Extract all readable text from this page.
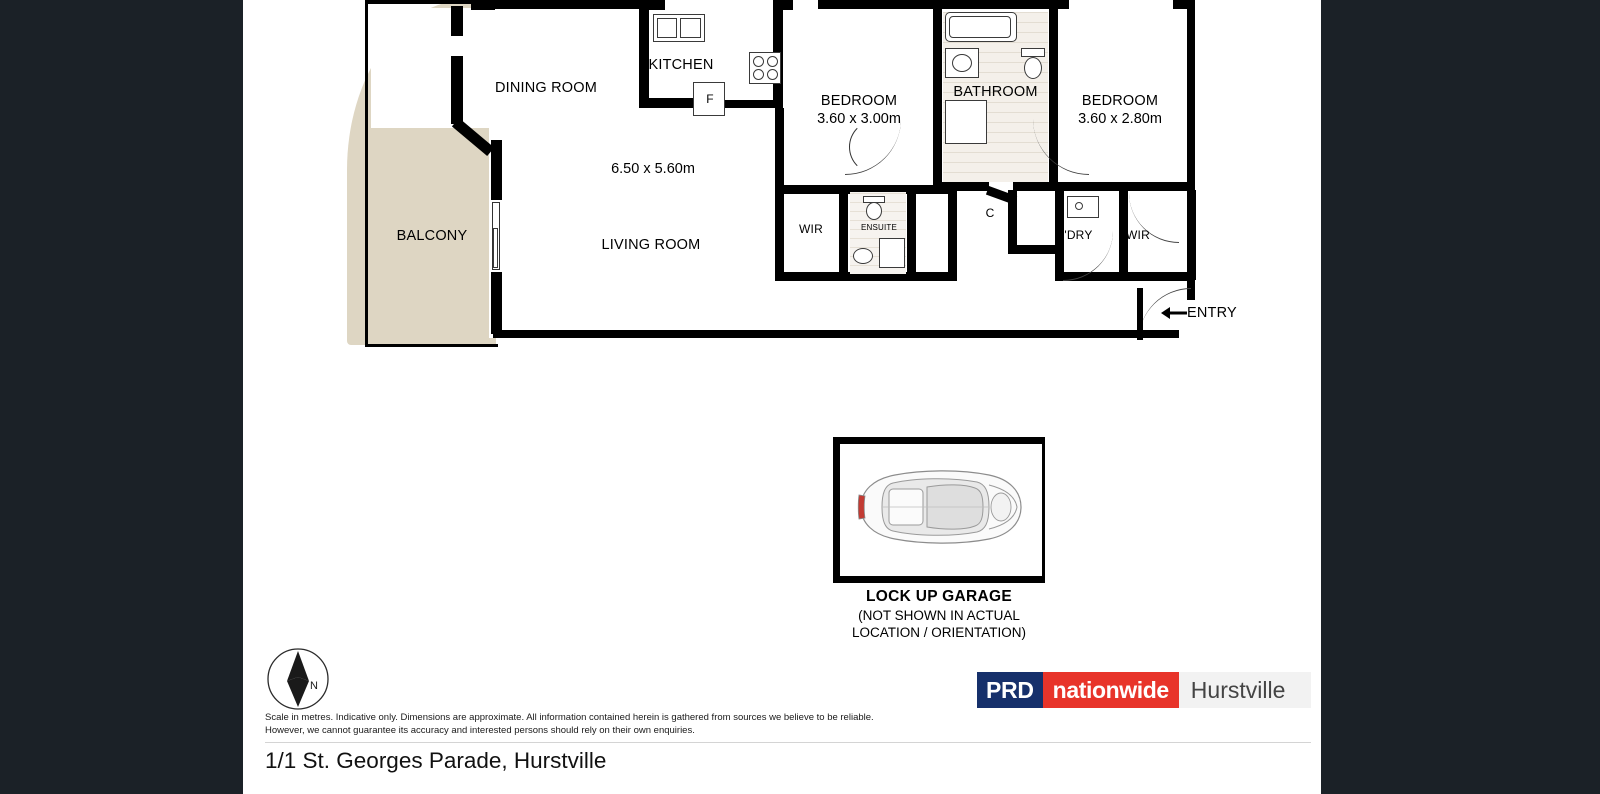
F
ENTRY
DINING ROOM
KITCHEN
BEDROOM
3.60 x 3.00m
BATHROOM
BEDROOM
3.60 x 2.80m
BALCONY
LIVING ROOM
6.50 x 5.60m
WIR	ENSUITE
C
L'DRY	WIR
LOCK UP GARAGE
(NOT SHOWN IN ACTUAL
LOCATION / ORIENTATION)
N	PRD nationwide Hurstville
Scale in metres. Indicative only. Dimensions are approximate. All information contained herein is gathered from sources we believe to be reliable.
However, we cannot guarantee its accuracy and interested persons should rely on their own enquiries.
1/1 St. Georges Parade, Hurstville
